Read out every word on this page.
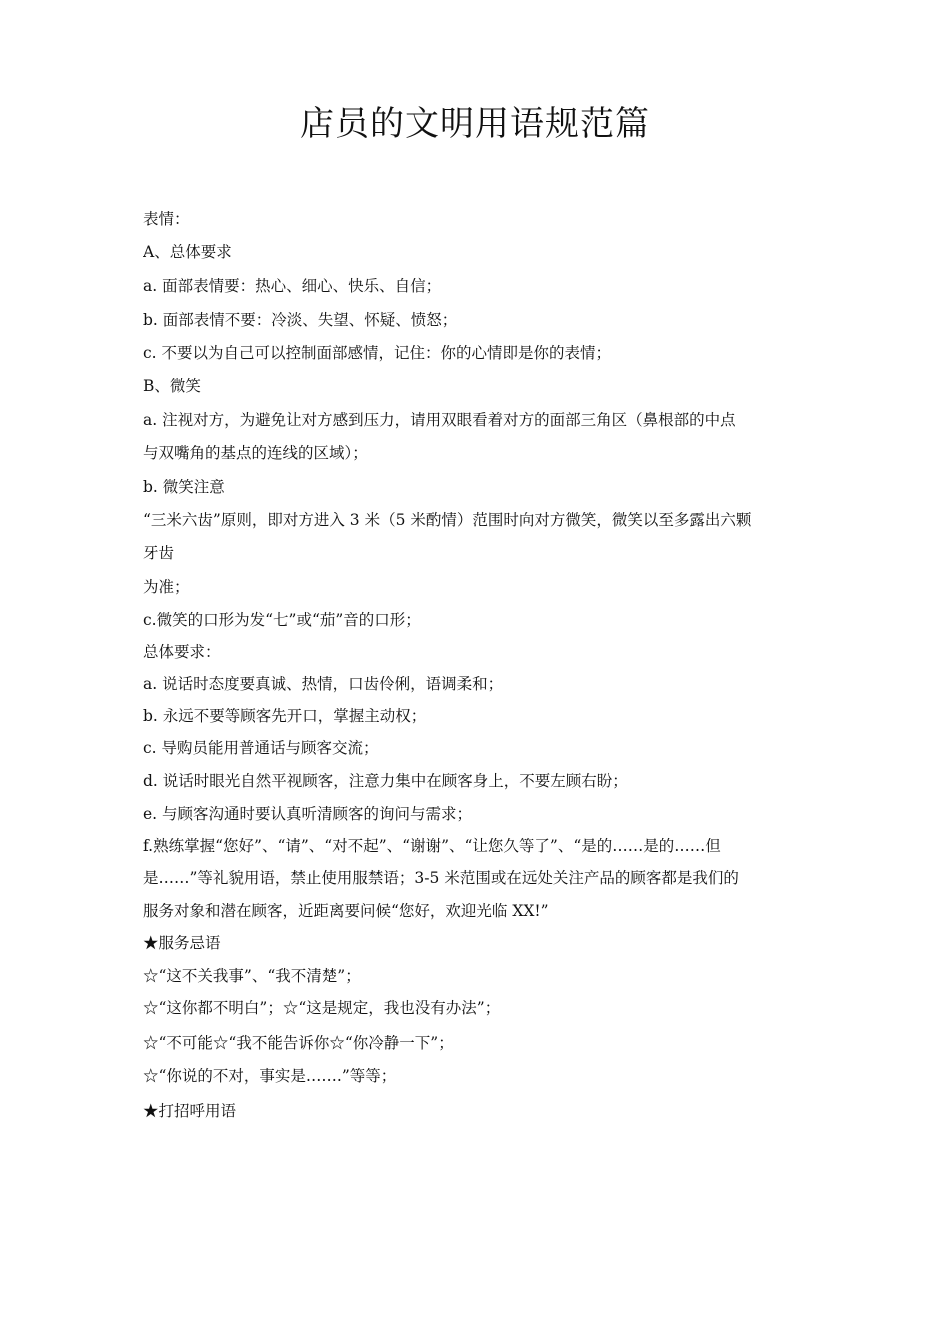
店员的文明用语规范篇
表情：
A、总体要求
a. 面部表情要：热心、细心、快乐、自信；
b. 面部表情不要：冷淡、失望、怀疑、愤怒；
c. 不要以为自己可以控制面部感情，记住：你的心情即是你的表情；
B、微笑
a. 注视对方，为避免让对方感到压力，请用双眼看着对方的面部三角区（鼻根部的中点
与双嘴角的基点的连线的区域）；
b. 微笑注意
“三米六齿”原则，即对方进入 3 米（5 米酌情）范围时向对方微笑，微笑以至多露出六颗
牙齿
为准；
c.微笑的口形为发“七”或“茄”音的口形；
总体要求：
a. 说话时态度要真诚、热情，口齿伶俐，语调柔和；
b. 永远不要等顾客先开口，掌握主动权；
c. 导购员能用普通话与顾客交流；
d. 说话时眼光自然平视顾客，注意力集中在顾客身上，不要左顾右盼；
e. 与顾客沟通时要认真听清顾客的询问与需求；
f.熟练掌握“您好”、“请”、“对不起”、“谢谢”、“让您久等了”、“是的……是的……但
是……”等礼貌用语，禁止使用服禁语；3-5 米范围或在远处关注产品的顾客都是我们的
服务对象和潜在顾客，近距离要问候“您好，欢迎光临 XX!”
★服务忌语
☆“这不关我事”、“我不清楚”；
☆“这你都不明白”；☆“这是规定，我也没有办法”；
☆“不可能☆“我不能告诉你☆“你冷静一下”；
☆“你说的不对，事实是…….”等等；
★打招呼用语
